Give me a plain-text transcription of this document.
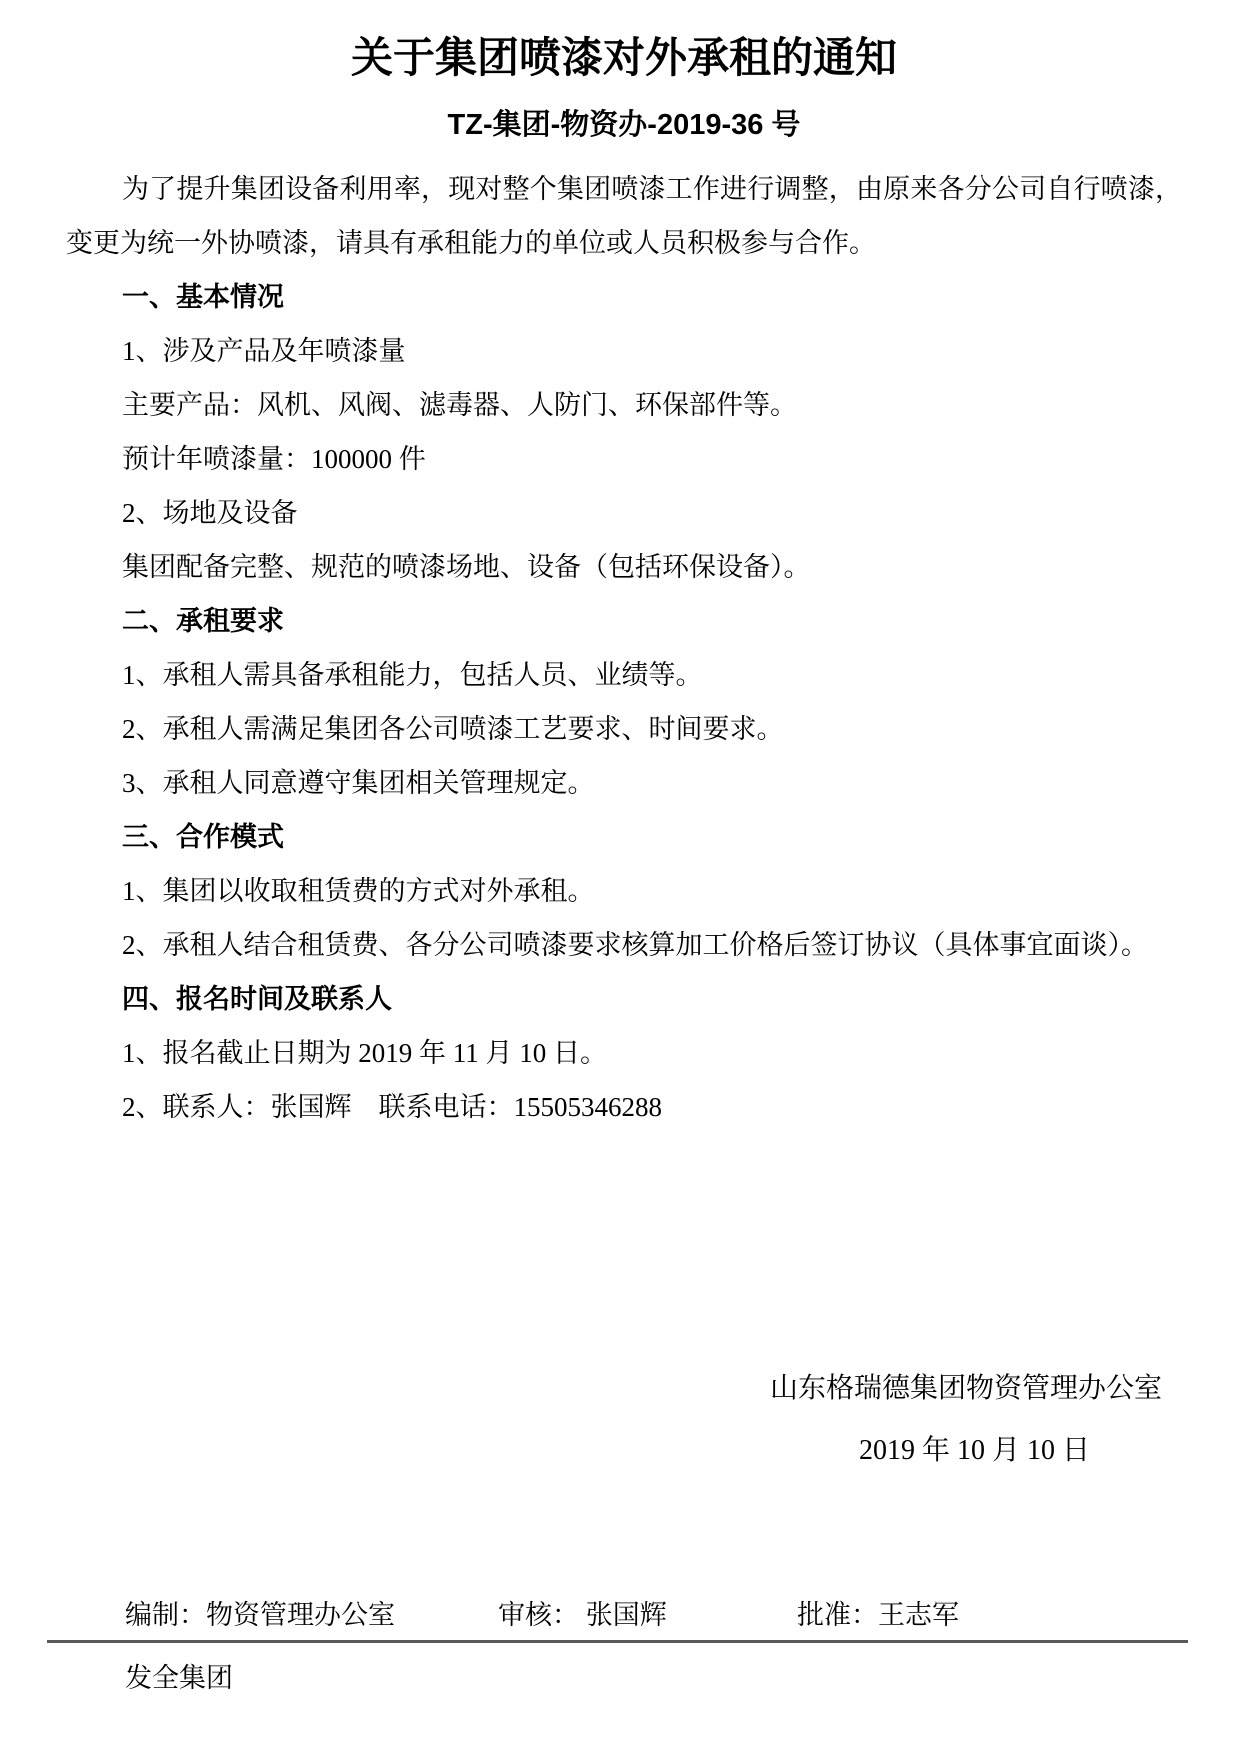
关于集团喷漆对外承租的通知
TZ-集团-物资办-2019-36 号

为了提升集团设备利用率，现对整个集团喷漆工作进行调整，由原来各分公司自行喷漆，变更为统一外协喷漆，请具有承租能力的单位或人员积极参与合作。

一、基本情况

1、涉及产品及年喷漆量

主要产品：风机、风阀、滤毒器、人防门、环保部件等。

预计年喷漆量：100000 件

2、场地及设备

集团配备完整、规范的喷漆场地、设备（包括环保设备）。

二、承租要求

1、承租人需具备承租能力，包括人员、业绩等。

2、承租人需满足集团各公司喷漆工艺要求、时间要求。

3、承租人同意遵守集团相关管理规定。

三、合作模式

1、集团以收取租赁费的方式对外承租。

2、承租人结合租赁费、各分公司喷漆要求核算加工价格后签订协议（具体事宜面谈）。

四、报名时间及联系人

1、报名截止日期为 2019 年 11 月 10 日。

2、联系人：张国辉　联系电话：15505346288

山东格瑞德集团物资管理办公室
2019 年 10 月 10 日
编制：物资管理办公室	审核： 张国辉	批准：王志军
发全集团
